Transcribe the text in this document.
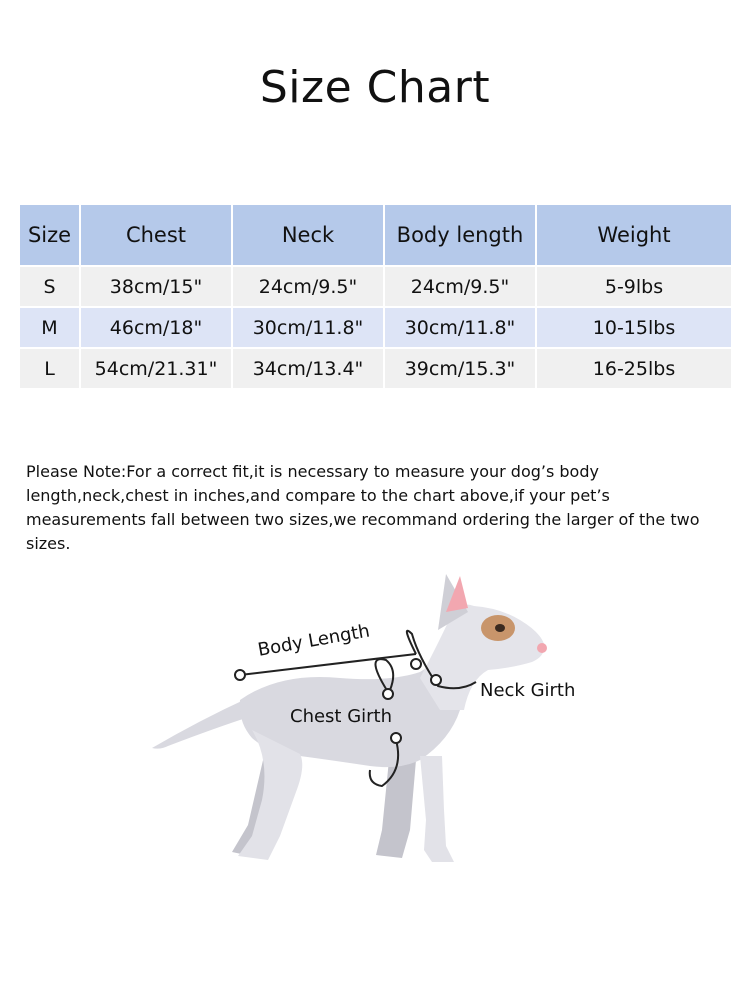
Size Chart
Size	Chest	Neck	Body length	Weight
S	38cm/15"	24cm/9.5"	24cm/9.5"	5-9lbs
M	46cm/18"	30cm/11.8"	30cm/11.8"	10-15lbs
L	54cm/21.31"	34cm/13.4"	39cm/15.3"	16-25lbs

Please Note:For a correct fit,it is necessary to measure your dog’s body length,neck,chest in inches,and compare to the chart above,if your pet’s measurements fall between two sizes,we recommand ordering the larger of the two sizes.

Body Length
Chest Girth
Neck Girth
